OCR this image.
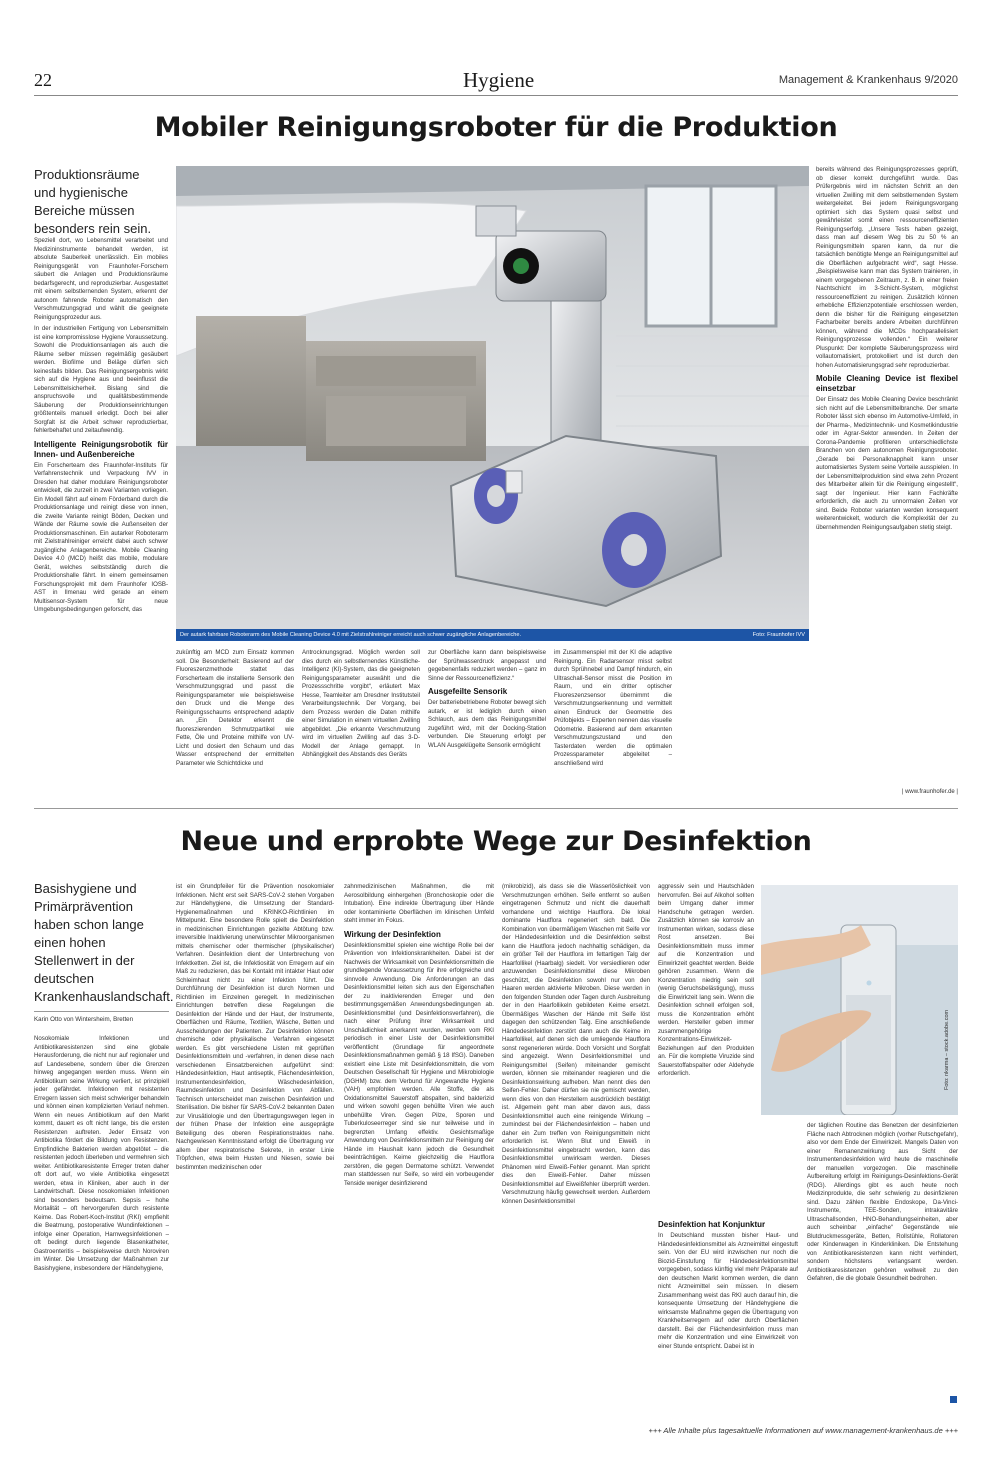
22	Hygiene	Management & Krankenhaus 9/2020
Mobiler Reinigungsroboter für die Produktion
Produktionsräume und hygienische Bereiche müssen besonders rein sein.

Speziell dort, wo Lebensmittel verarbeitet und Medizininstrumente behandelt werden, ist absolute Sauberkeit unerlässlich. Ein mobiles Reinigungsgerät von Fraunhofer-Forschern säubert die Anlagen und Produktionsräume bedarfsgerecht, und reproduzierbar. Ausgestattet mit einem selbstlernenden System, erkennt der autonom fahrende Roboter automatisch den Verschmutzungsgrad und wählt die geeignete Reinigungsprozedur aus.

In der industriellen Fertigung von Lebensmitteln ist eine kompromisslose Hygiene Voraussetzung. Sowohl die Produktionsanlagen als auch die Räume selber müssen regelmäßig gesäubert werden. Biofilme und Beläge dürfen sich keinesfalls bilden. Das Reinigungsergebnis wirkt sich auf die Hygiene aus und beeinflusst die Lebensmittelsicherheit. Bislang sind die anspruchsvolle und qualitätsbestimmende Säuberung der Produktionseinrichtungen größtenteils manuell erledigt. Doch bei aller Sorgfalt ist die Arbeit schwer reproduzierbar, fehlerbehaftet und zeitaufwendig.

Intelligente Reinigungsrobotik für Innen- und Außenbereiche

Ein Forscherteam des Fraunhofer-Instituts für Verfahrenstechnik und Verpackung IVV in Dresden hat daher modulare Reinigungsroboter entwickelt, die zurzeit in zwei Varianten vorliegen. Ein Modell fährt auf einem Förderband durch die Produktionsanlage und reinigt diese von innen, die zweite Variante reinigt Böden, Decken und Wände der Räume sowie die Außenseiten der Produktionsmaschinen. Ein autarker Roboterarm mit Zielstrahlreiniger erreicht dabei auch schwer zugängliche Anlagenbereiche. Mobile Cleaning Device 4.0 (MCD) heißt das mobile, modulare Gerät, welches selbstständig durch die Produktionshalle fährt. In einem gemeinsamen Forschungsprojekt mit dem Fraunhofer IOSB-AST in Ilmenau wird gerade an einem Multisensor-System für neue Umgebungsbedingungen geforscht, das

Der autark fahrbare Roboterarm des Mobile Cleaning Device 4.0 mit Zielstrahlreiniger erreicht auch schwer zugängliche Anlagenbereiche.	Foto: Fraunhofer IVV

zukünftig am MCD zum Einsatz kommen soll. Die Besonderheit: Basierend auf der Fluoreszenzmethode stattet das Forscherteam die installierte Sensorik den Verschmutzungsgrad und passt die Reinigungsparameter wie beispielsweise den Druck und die Menge des Reinigungsschaums entsprechend adaptiv an. „Ein Detektor erkennt die fluoreszierenden Schmutzpartikel wie Fette, Öle und Proteine mithilfe von UV-Licht und dosiert den Schaum und das Wasser entsprechend der ermittelten Parameter wie Schichtdicke und

Antrocknungsgrad. Möglich werden soll dies durch ein selbstlernendes Künstliche-Intelligenz (KI)-System, das die geeigneten Reinigungsparameter auswählt und die Prozessschritte vorgibt“, erläutert Max Hesse, Teamleiter am Dresdner Institutsteil Verarbeitungstechnik. Der Vorgang, bei dem Prozess werden die Daten mithilfe einer Simulation in einem virtuellen Zwilling abgebildet. „Die erkannte Verschmutzung wird im virtuellen Zwilling auf das 3-D-Modell der Anlage gemappt. In Abhängigkeit des Abstands des Geräts

zur Oberfläche kann dann beispielsweise der Sprühwasserdruck angepasst und gegebenenfalls reduziert werden – ganz im Sinne der Ressourceneffizienz.“

Ausgefeilte Sensorik

Der batteriebetriebene Roboter bewegt sich autark, er ist lediglich durch einen Schlauch, aus dem das Reinigungsmittel zugeführt wird, mit der Docking-Station verbunden. Die Steuerung erfolgt per WLAN Ausgeklügelte Sensorik ermöglicht

im Zusammenspiel mit der KI die adaptive Reinigung. Ein Radarsensor misst selbst durch Sprühnebel und Dampf hindurch, ein Ultraschall-Sensor misst die Position im Raum, und ein dritter optischer Fluoreszenzsensor übernimmt die Verschmutzungserkennung und vermittelt einen Eindruck der Geometrie des Prüfobjekts – Experten nennen das visuelle Odometrie. Basierend auf dem erkannten Verschmutzungszustand und den Tasterdaten werden die optimalen Prozessparameter abgeleitet – anschließend wird

bereits während des Reinigungsprozesses geprüft, ob dieser korrekt durchgeführt wurde. Das Prüfergebnis wird im nächsten Schritt an den virtuellen Zwilling mit dem selbstlernenden System weitergeleitet. Bei jedem Reinigungsvorgang optimiert sich das System quasi selbst und gewährleistet somit einen ressourceneffizienten Reinigungserfolg. „Unsere Tests haben gezeigt, dass man auf diesem Weg bis zu 50 % an Reinigungsmitteln sparen kann, da nur die tatsächlich benötigte Menge an Reinigungsmittel auf die Oberflächen aufgebracht wird“, sagt Hesse. „Beispielsweise kann man das System trainieren, in einem vorgegebenen Zeitraum, z. B. in einer freien Nachtschicht im 3-Schicht-System, möglichst ressourceneffizient zu reinigen. Zusätzlich können erhebliche Effizienzpotentiale erschlossen werden, denn die bisher für die Reinigung eingesetzten Facharbeiter bereits andere Arbeiten durchführen können, während die MCDs hochparallelisiert Reinigungsprozesse vollenden.“ Ein weiterer Pluspunkt: Der komplette Säuberungsprozess wird vollautomatisiert, protokolliert und ist durch den hohen Automatisierungsgrad sehr reproduzierbar.

Mobile Cleaning Device ist flexibel einsetzbar

Der Einsatz des Mobile Cleaning Device beschränkt sich nicht auf die Lebensmittelbranche. Der smarte Roboter lässt sich ebenso im Automotive-Umfeld, in der Pharma-, Medizintechnik- und Kosmetikindustrie oder im Agrar-Sektor anwenden. In Zeiten der Corona-Pandemie profitieren unterschiedlichste Branchen von dem autonomen Reinigungsroboter. „Gerade bei Personalknappheit kann unser automatisiertes System seine Vorteile ausspielen. In der Lebensmittelproduktion sind etwa zehn Prozent des Mitarbeiter allein für die Reinigung eingestellt“, sagt der Ingenieur. Hier kann Fachkräfte erforderlich, die auch zu unnormalen Zeiten vor sind. Beide Roboter varianten werden konsequent weiterentwickelt, wodurch die Komplexität der zu übernehmenden Reinigungsaufgaben stetig steigt.

| www.fraunhofer.de |
Neue und erprobte Wege zur Desinfektion
Basishygiene und Primärprävention haben schon lange einen hohen Stellenwert in der deutschen Krankenhauslandschaft.
Karin Otto von Wintersheim, Bretten

Nosokomiale Infektionen und Antibiotikaresistenzen sind eine globale Herausforderung, die nicht nur auf regionaler und auf Landesebene, sondern über die Grenzen hinweg angegangen werden muss. Wenn ein Antibiotikum seine Wirkung verliert, ist prinzipiell jeder gefährdet. Infektionen mit resistenten Erregern lassen sich meist schwieriger behandeln und können einen komplizierten Verlauf nehmen. Wenn ein neues Antibiotikum auf den Markt kommt, dauert es oft nicht lange, bis die ersten Resistenzen auftreten. Jeder Einsatz von Antibiotika fördert die Bildung von Resistenzen. Empfindliche Bakterien werden abgetötet – die resistenten jedoch überleben und vermehren sich weiter. Antibiotikaresistente Erreger treten daher oft dort auf, wo viele Antibiotika eingesetzt werden, etwa in Kliniken, aber auch in der Landwirtschaft. Diese nosokomialen Infektionen sind besonders bedeutsam. Sepsis – hohe Mortalität – oft hervorgerufen durch resistente Keime. Das Robert-Koch-Institut (RKI) empfiehlt die Beatmung, postoperative Wundinfektionen – infolge einer Operation, Harnwegsinfektionen – oft bedingt durch liegende Blasenkatheter, Gastroenteritis – beispielsweise durch Noroviren im Winter. Die Umsetzung der Maßnahmen zur Basishygiene, insbesondere der Händehygiene,

ist ein Grundpfeiler für die Prävention nosokomialer Infektionen. Nicht erst seit SARS-CoV-2 stehen Vorgaben zur Händehygiene, die Umsetzung der Standard-Hygienemaßnahmen und KRINKO-Richtlinien im Mittelpunkt. Eine besondere Rolle spielt die Desinfektion in medizinischen Einrichtungen gezielte Abtötung bzw. irreversible Inaktivierung unerwünschter Mikroorganismen mittels chemischer oder thermischer (physikalischer) Verfahren. Desinfektion dient der Unterbrechung von Infektketten. Ziel ist, die Infektiosität von Erregern auf ein Maß zu reduzieren, das bei Kontakt mit intakter Haut oder Schleimhaut nicht zu einer Infektion führt. Die Durchführung der Desinfektion ist durch Normen und Richtlinien im Einzelnen geregelt. In medizinischen Einrichtungen betreffen diese Regelungen die Desinfektion der Hände und der Haut, der Instrumente, Oberflächen und Räume, Textilien, Wäsche, Betten und Ausscheidungen der Patienten. Zur Desinfektion können chemische oder physikalische Verfahren eingesetzt werden. Es gibt verschiedene Listen mit geprüften Desinfektionsmitteln und -verfahren, in denen diese nach verschiedenen Einsatzbereichen aufgeführt sind: Händedesinfektion, Haut antiseptik, Flächendesinfektion, Instrumentendesinfektion, Wäschedesinfektion, Raumdesinfektion und Desinfektion von Abfällen. Technisch unterscheidet man zwischen Desinfektion und Sterilisation. Die bisher für SARS-CoV-2 bekannten Daten zur Virusätiologie und den Übertragungswegen legen in der frühen Phase der Infektion eine ausgeprägte Beteiligung des oberen Respirationstraktes nahe. Nachgewiesen Kenntnisstand erfolgt die Übertragung vor allem über respiratorische Sekrete, in erster Linie Tröpfchen, etwa beim Husten und Niesen, sowie bei bestimmten medizinischen oder

zahnmedizinischen Maßnahmen, die mit Aerosolbildung einhergehen (Bronchoskopie oder die Intubation). Eine indirekte Übertragung über Hände oder kontaminierte Oberflächen im klinischen Umfeld steht immer im Fokus.

Wirkung der Desinfektion

Desinfektionsmittel spielen eine wichtige Rolle bei der Prävention von Infektionskrankheiten. Dabei ist der Nachweis der Wirksamkeit von Desinfektionsmitteln die grundlegende Voraussetzung für ihre erfolgreiche und sinnvolle Anwendung. Die Anforderungen an das Desinfektionsmittel leiten sich aus den Eigenschaften der zu inaktivierenden Erreger und den bestimmungsgemäßen Anwendungsbedingungen ab. Desinfektionsmittel (und Desinfektionsverfahren), die nach einer Prüfung ihrer Wirksamkeit und Unschädlichkeit anerkannt wurden, werden vom RKI periodisch in einer Liste der Desinfektionsmittel veröffentlicht (Grundlage für angeordnete Desinfektionsmaßnahmen gemäß § 18 IfSG). Daneben existiert eine Liste mit Desinfektionsmitteln, die vom Deutschen Gesellschaft für Hygiene und Mikrobiologie (DGHM) bzw. dem Verbund für Angewandte Hygiene (VAH) empfohlen werden. Alle Stoffe, die als Oxidationsmittel Sauerstoff abspalten, sind bakterizid und wirken sowohl gegen behüllte Viren wie auch unbehüllte Viren. Gegen Pilze, Sporen und Tuberkuloseerreger sind sie nur teilweise und in begrenzten Umfang effektiv. Gesichtsmaßige Anwendung von Desinfektionsmitteln zur Reinigung der Hände im Haushalt kann jedoch die Gesundheit beeinträchtigen. Keime gleichzeitig die Hautflora zerstören, die gegen Dermatome schützt. Verwendet man stattdessen nur Seife, so wird ein vorbeugender Tenside weniger desinfizierend

(mikrobizid), als dass sie die Wasserlöslichkeit von Verschmutzungen erhöhen. Seife entfernt so außen eingetragenen Schmutz und nicht die dauerhaft vorhandene und wichtige Hautflora. Die lokal dominante Hautflora regeneriert sich bald. Die Kombination von übermäßigem Waschen mit Seife vor der Händedesinfektion und die Desinfektion selbst kann die Hautflora jedoch nachhaltig schädigen, da ein größer Teil der Hautflora im fettartigen Talg der Haarfollikel (Haarbalg) siedelt. Vor versiedlieren oder anzuwenden Desinfektionsmittel diese Mikroben geschützt, die Desinfektion sowohl nur von den Haaren werden aktivierte Mikroben. Diese werden in den folgenden Stunden oder Tagen durch Ausbreitung der in den Haarfollikeln gebildeten Keime ersetzt. Übermäßiges Waschen der Hände mit Seife löst dagegen den schützenden Talg. Eine anschließende Händedesinfektion zerstört dann auch die Keime im Haarfollikel, auf denen sich die umliegende Hautflora sonst regenerieren würde. Doch Vorsicht und Sorgfalt sind angezeigt. Wenn Desinfektionsmittel und Reinigungsmittel (Seifen) miteinander gemischt werden, können sie miteinander reagieren und die Desinfektionswirkung aufheben. Man nennt dies den Seifen-Fehler. Daher dürfen sie nie gemischt werden, wenn dies von den Herstellern ausdrücklich bestätigt ist. Allgemein geht man aber davon aus, dass Desinfektionsmittel auch eine reinigende Wirkung – zumindest bei der Flächendesinfektion – haben und daher ein Zum treffen von Reinigungsmitteln nicht erforderlich ist. Wenn Blut und Eiweiß in Desinfektionsmittel eingebracht werden, kann das Desinfektionsmittel unwirksam werden. Dieses Phänomen wird Eiweiß-Fehler genannt. Man spricht dies den Eiweiß-Fehler. Daher müssen Desinfektionsmittel auf Eiweißfehler überprüft werden. Verschmutzung häufig gewechselt werden. Außerdem können Desinfektionsmittel

aggressiv sein und Hautschäden hervorrufen. Bei auf Alkohol sollten beim Umgang daher immer Handschuhe getragen werden. Zusätzlich können sie korrosiv an Instrumenten wirken, sodass diese Rost ansetzen. Bei Desinfektionsmitteln muss immer auf die Konzentration und Einwirkzeit geachtet werden. Beide gehören zusammen. Wenn die Konzentration niedrig sein soll (wenig Geruchsbelästigung), muss die Einwirkzeit lang sein. Wenn die Desinfektion schnell erfolgen soll, muss die Konzentration erhöht werden. Hersteller geben immer zusammengehörige Konzentrations-Einwirkzeit-Beziehungen auf den Produkten an. Für die komplette Viruzide sind Sauerstoffabspalter oder Aldehyde erforderlich.

Desinfektion hat Konjunktur

In Deutschland mussten bisher Haut- und Händedesinfektionsmittel als Arzneimittel eingestuft sein. Von der EU wird inzwischen nur noch die Biozid-Einstufung für Händedesinfektionsmittel vorgegeben, sodass künftig viel mehr Präparate auf den deutschen Markt kommen werden, die dann nicht Arzneimittel sein müssen. In diesem Zusammenhang weist das RKI auch darauf hin, die konsequente Umsetzung der Händehygiene die wirksamste Maßnahme gegen die Übertragung von Krankheitserregern auf oder durch Oberflächen darstellt. Bei der Flächendesinfektion muss man mehr die Konzentration und eine Einwirkzeit von einer Stunde entspricht. Dabei ist in

Foto: nkarma – stock.adobe.com

der täglichen Routine das Benetzen der desinfizierten Fläche nach Abtrocknen möglich (vorher Rutschgefahr), also vor dem Ende der Einwirkzeit. Mangels Daten von einer Remanenzwirkung aus Sicht der Instrumentendesinfektion wird heute die maschinelle der manuellen vorgezogen. Die maschinelle Aufbereitung erfolgt im Reinigungs-Desinfektions-Gerät (RDG). Allerdings gibt es auch heute noch Medizinprodukte, die sehr schwierig zu desinfizieren sind. Dazu zählen flexible Endoskope, Da-Vinci-Instrumente, TEE-Sonden, intrakavitäre Ultraschallsonden, HNO-Behandlungseinheiten, aber auch scheinbar „einfache“ Gegenstände wie Blutdruckmessgeräte, Betten, Rollstühle, Rollatoren oder Kinderwagen in Kinderkliniken. Die Entstehung von Antibiotikaresistenzen kann nicht verhindert, sondern höchstens verlangsamt werden. Antibiotikaresistenzen gehören weltweit zu den Gefahren, die die globale Gesundheit bedrohen.

+++ Alle Inhalte plus tagesaktuelle Informationen auf www.management-krankenhaus.de +++
